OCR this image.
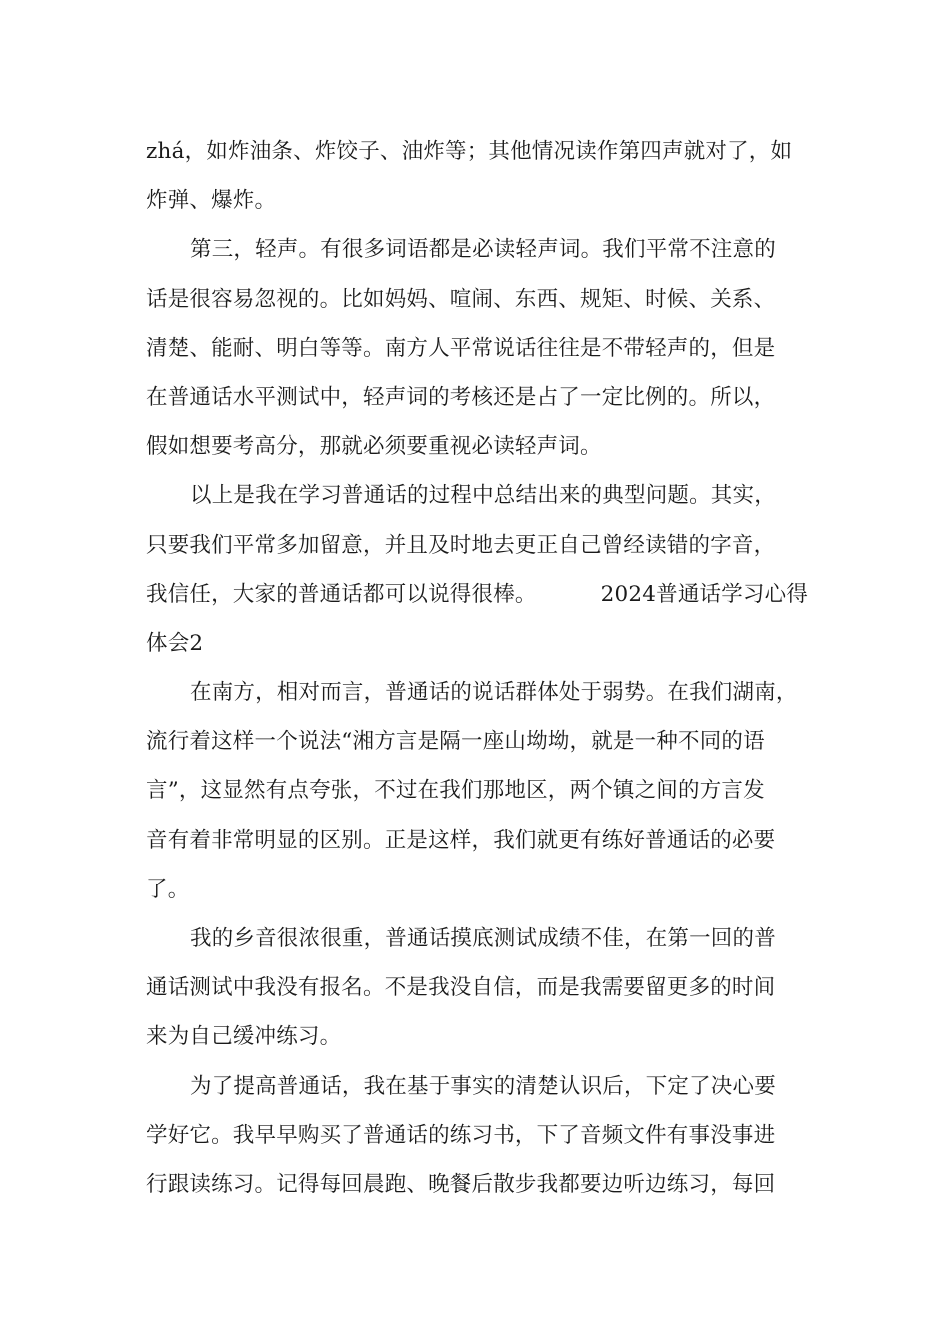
zhá，如炸油条、炸饺子、油炸等；其他情况读作第四声就对了，如
炸弹、爆炸。
第三，轻声。有很多词语都是必读轻声词。我们平常不注意的
话是很容易忽视的。比如妈妈、喧闹、东西、规矩、时候、关系、
清楚、能耐、明白等等。南方人平常说话往往是不带轻声的，但是
在普通话水平测试中，轻声词的考核还是占了一定比例的。所以，
假如想要考高分，那就必须要重视必读轻声词。
以上是我在学习普通话的过程中总结出来的典型问题。其实，
只要我们平常多加留意，并且及时地去更正自己曾经读错的字音，
我信任，大家的普通话都可以说得很棒。	2024普通话学习心得
体会2
在南方，相对而言，普通话的说话群体处于弱势。在我们湖南，
流行着这样一个说法“湘方言是隔一座山坳坳，就是一种不同的语
言”，这显然有点夸张，不过在我们那地区，两个镇之间的方言发
音有着非常明显的区别。正是这样，我们就更有练好普通话的必要
了。
我的乡音很浓很重，普通话摸底测试成绩不佳，在第一回的普
通话测试中我没有报名。不是我没自信，而是我需要留更多的时间
来为自己缓冲练习。
为了提高普通话，我在基于事实的清楚认识后，下定了决心要
学好它。我早早购买了普通话的练习书，下了音频文件有事没事进
行跟读练习。记得每回晨跑、晚餐后散步我都要边听边练习，每回
